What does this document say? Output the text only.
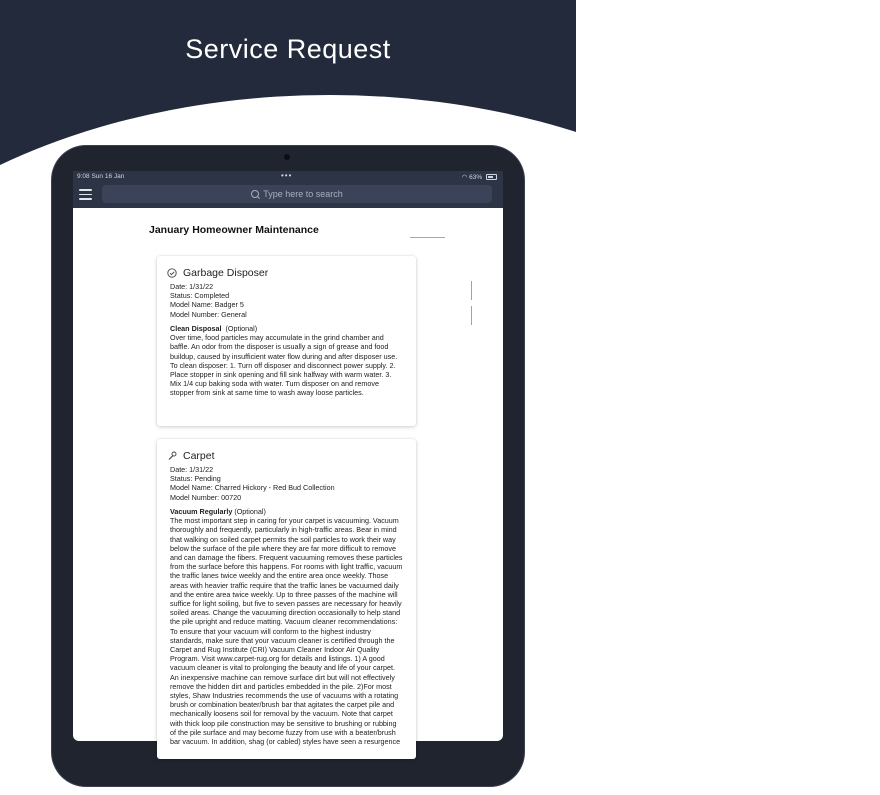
Service Request
9:08 Sun 16 Jan	•••	◠ 63%
Type here to search
January Homeowner Maintenance
Garbage Disposer
Date: 1/31/22
Status: Completed
Model Name: Badger 5
Model Number: General
Clean Disposal (Optional)
Over time, food particles may accumulate in the grind chamber and baffle. An odor from the disposer is usually a sign of grease and food buildup, caused by insufficient water flow during and after disposer use. To clean disposer: 1. Turn off disposer and disconnect power supply. 2. Place stopper in sink opening and fill sink halfway with warm water. 3. Mix 1/4 cup baking soda with water. Turn disposer on and remove stopper from sink at same time to wash away loose particles.
Carpet
Date: 1/31/22
Status: Pending
Model Name: Charred Hickory - Red Bud Collection
Model Number: 00720
Vacuum Regularly (Optional)
The most important step in caring for your carpet is vacuuming. Vacuum thoroughly and frequently, particularly in high-traffic areas. Bear in mind that walking on soiled carpet permits the soil particles to work their way below the surface of the pile where they are far more difficult to remove and can damage the fibers. Frequent vacuuming removes these particles from the surface before this happens. For rooms with light traffic, vacuum the traffic lanes twice weekly and the entire area once weekly. Those areas with heavier traffic require that the traffic lanes be vacuumed daily and the entire area twice weekly. Up to three passes of the machine will suffice for light soiling, but five to seven passes are necessary for heavily soiled areas. Change the vacuuming direction occasionally to help stand the pile upright and reduce matting. Vacuum cleaner recommendations: To ensure that your vacuum will conform to the highest industry standards, make sure that your vacuum cleaner is certified through the Carpet and Rug Institute (CRI) Vacuum Cleaner Indoor Air Quality Program. Visit www.carpet-rug.org for details and listings. 1) A good vacuum cleaner is vital to prolonging the beauty and life of your carpet. An inexpensive machine can remove surface dirt but will not effectively remove the hidden dirt and particles embedded in the pile. 2)For most styles, Shaw Industries recommends the use of vacuums with a rotating brush or combination beater/brush bar that agitates the carpet pile and mechanically loosens soil for removal by the vacuum. Note that carpet with thick loop pile construction may be sensitive to brushing or rubbing of the pile surface and may become fuzzy from use with a beater/brush bar vacuum. In addition, shag (or cabled) styles have seen a resurgence
